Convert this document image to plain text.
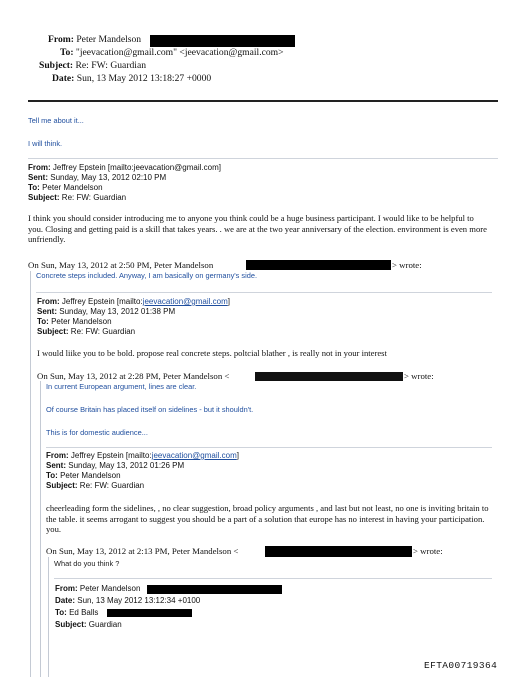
From: Peter Mandelson
To: "jeevacation@gmail.com" <jeevacation@gmail.com>
Subject: Re: FW: Guardian
Date: Sun, 13 May 2012 13:18:27 +0000
Tell me about it...
I will think.
From: Jeffrey Epstein [mailto:jeevacation@gmail.com]
Sent: Sunday, May 13, 2012 02:10 PM
To: Peter Mandelson
Subject: Re: FW: Guardian
I think you should consider introducing me to anyone you think could be a huge business participant. I would like to be helpful to you. Closing and getting paid is a skill that takes years. . we are at the two year anniversary of the election. environment is even more unfriendly.
On Sun, May 13, 2012 at 2:50 PM, Peter Mandelson	> wrote:
Concrete steps included. Anyway, I am basically on germany's side.
From: Jeffrey Epstein [mailto:jeevacation@gmail.com]
Sent: Sunday, May 13, 2012 01:38 PM
To: Peter Mandelson
Subject: Re: FW: Guardian
I would liike you to be bold. propose real concrete steps. poltcial blather , is really not in your interest
On Sun, May 13, 2012 at 2:28 PM, Peter Mandelson <	> wrote:
In current European argument, lines are clear.
Of course Britain has placed itself on sidelines - but it shouldn't.
This is for domestic audience...
From: Jeffrey Epstein [mailto:jeevacation@gmail.com]
Sent: Sunday, May 13, 2012 01:26 PM
To: Peter Mandelson
Subject: Re: FW: Guardian
cheerleading form the sidelines, , no clear suggestion, broad policy arguments , and last but not least, no one is inviting britain to the table. it seems arrogant to suggest you should be a part of a solution that europe has no interest in having your participation. you.
On Sun, May 13, 2012 at 2:13 PM, Peter Mandelson <	> wrote:
What do you think ?
From: Peter Mandelson
Date: Sun, 13 May 2012 13:12:34 +0100
To: Ed Balls
Subject: Guardian
EFTA00719364
